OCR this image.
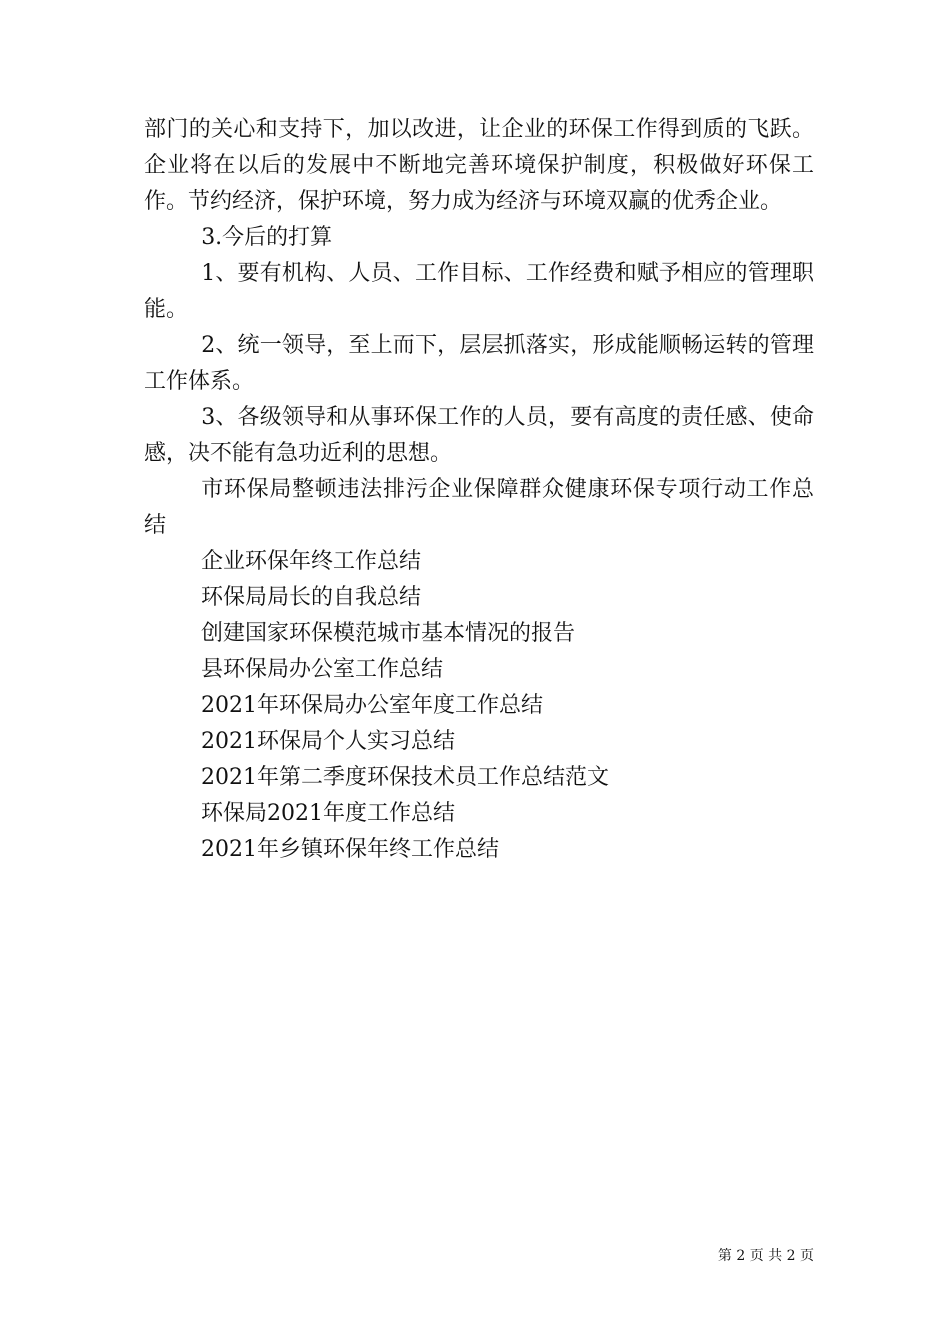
部门的关心和支持下，加以改进，让企业的环保工作得到质的飞跃。企业将在以后的发展中不断地完善环境保护制度，积极做好环保工作。节约经济，保护环境，努力成为经济与环境双赢的优秀企业。

3.今后的打算

1、要有机构、人员、工作目标、工作经费和赋予相应的管理职能。

2、统一领导，至上而下，层层抓落实，形成能顺畅运转的管理工作体系。

3、各级领导和从事环保工作的人员，要有高度的责任感、使命感，决不能有急功近利的思想。

市环保局整顿违法排污企业保障群众健康环保专项行动工作总结

企业环保年终工作总结
环保局局长的自我总结
创建国家环保模范城市基本情况的报告
县环保局办公室工作总结
2021年环保局办公室年度工作总结
2021环保局个人实习总结
2021年第二季度环保技术员工作总结范文
环保局2021年度工作总结
2021年乡镇环保年终工作总结
第 2 页 共 2 页
